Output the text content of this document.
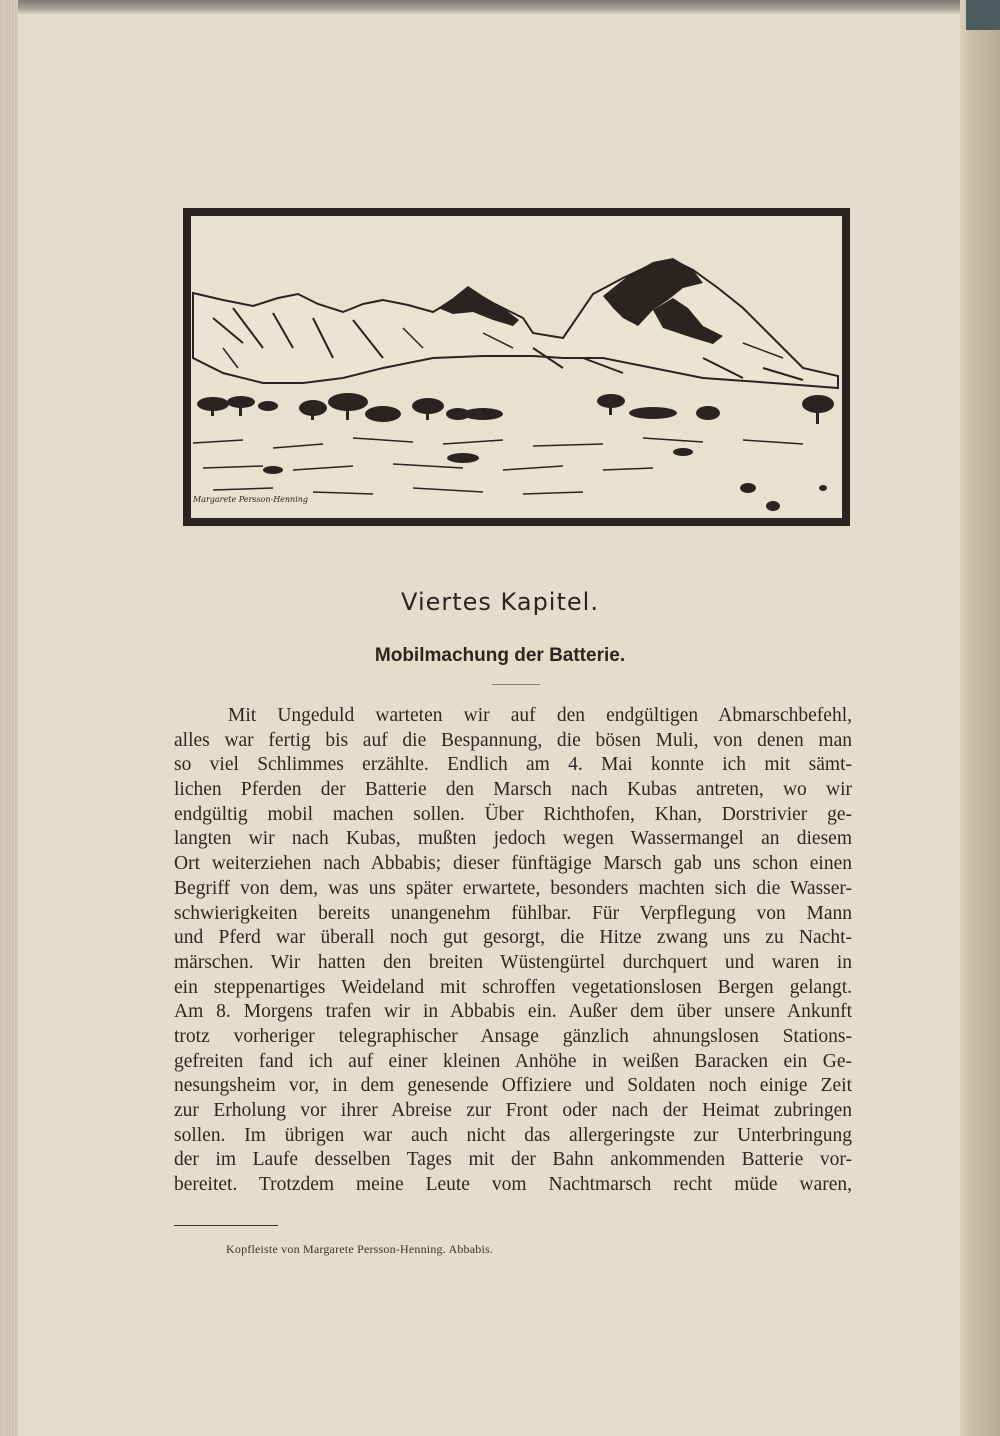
Margarete Persson-Henning
Viertes Kapitel.
Mobilmachung der Batterie.
Mit Ungeduld warteten wir auf den endgültigen Abmarschbefehl,
alles war fertig bis auf die Bespannung, die bösen Muli, von denen man
so viel Schlimmes erzählte. Endlich am 4. Mai konnte ich mit sämt-
lichen Pferden der Batterie den Marsch nach Kubas antreten, wo wir
endgültig mobil machen sollen. Über Richthofen, Khan, Dorstrivier ge-
langten wir nach Kubas, mußten jedoch wegen Wassermangel an diesem
Ort weiterziehen nach Abbabis; dieser fünftägige Marsch gab uns schon einen
Begriff von dem, was uns später erwartete, besonders machten sich die Wasser-
schwierigkeiten bereits unangenehm fühlbar. Für Verpflegung von Mann
und Pferd war überall noch gut gesorgt, die Hitze zwang uns zu Nacht-
märschen. Wir hatten den breiten Wüstengürtel durchquert und waren in
ein steppenartiges Weideland mit schroffen vegetationslosen Bergen gelangt.
Am 8. Morgens trafen wir in Abbabis ein. Außer dem über unsere Ankunft
trotz vorheriger telegraphischer Ansage gänzlich ahnungslosen Stations-
gefreiten fand ich auf einer kleinen Anhöhe in weißen Baracken ein Ge-
nesungsheim vor, in dem genesende Offiziere und Soldaten noch einige Zeit
zur Erholung vor ihrer Abreise zur Front oder nach der Heimat zubringen
sollen. Im übrigen war auch nicht das allergeringste zur Unterbringung
der im Laufe desselben Tages mit der Bahn ankommenden Batterie vor-
bereitet. Trotzdem meine Leute vom Nachtmarsch recht müde waren,
Kopfleiste von Margarete Persson-Henning. Abbabis.
